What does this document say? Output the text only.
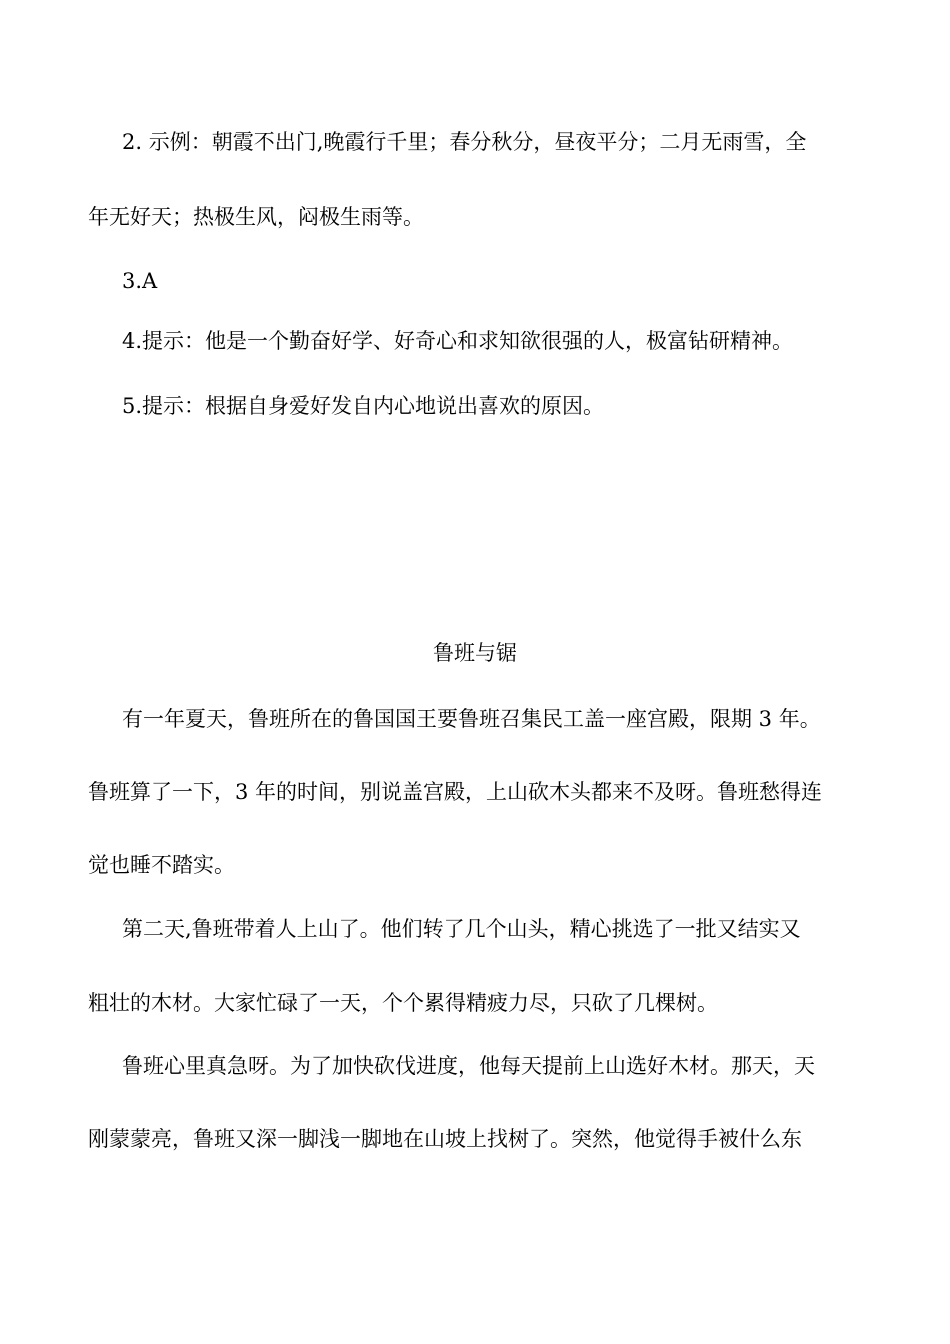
2. 示例：朝霞不出门,晚霞行千里；春分秋分，昼夜平分；二月无雨雪，全

年无好天；热极生风，闷极生雨等。

3.A

4.提示：他是一个勤奋好学、好奇心和求知欲很强的人，极富钻研精神。

5.提示：根据自身爱好发自内心地说出喜欢的原因。

鲁班与锯

有一年夏天，鲁班所在的鲁国国王要鲁班召集民工盖一座宫殿，限期 3 年。

鲁班算了一下，3 年的时间，别说盖宫殿，上山砍木头都来不及呀。鲁班愁得连

觉也睡不踏实。

第二天,鲁班带着人上山了。他们转了几个山头，精心挑选了一批又结实又

粗壮的木材。大家忙碌了一天，个个累得精疲力尽，只砍了几棵树。

鲁班心里真急呀。为了加快砍伐进度，他每天提前上山选好木材。那天，天

刚蒙蒙亮，鲁班又深一脚浅一脚地在山坡上找树了。突然，他觉得手被什么东
